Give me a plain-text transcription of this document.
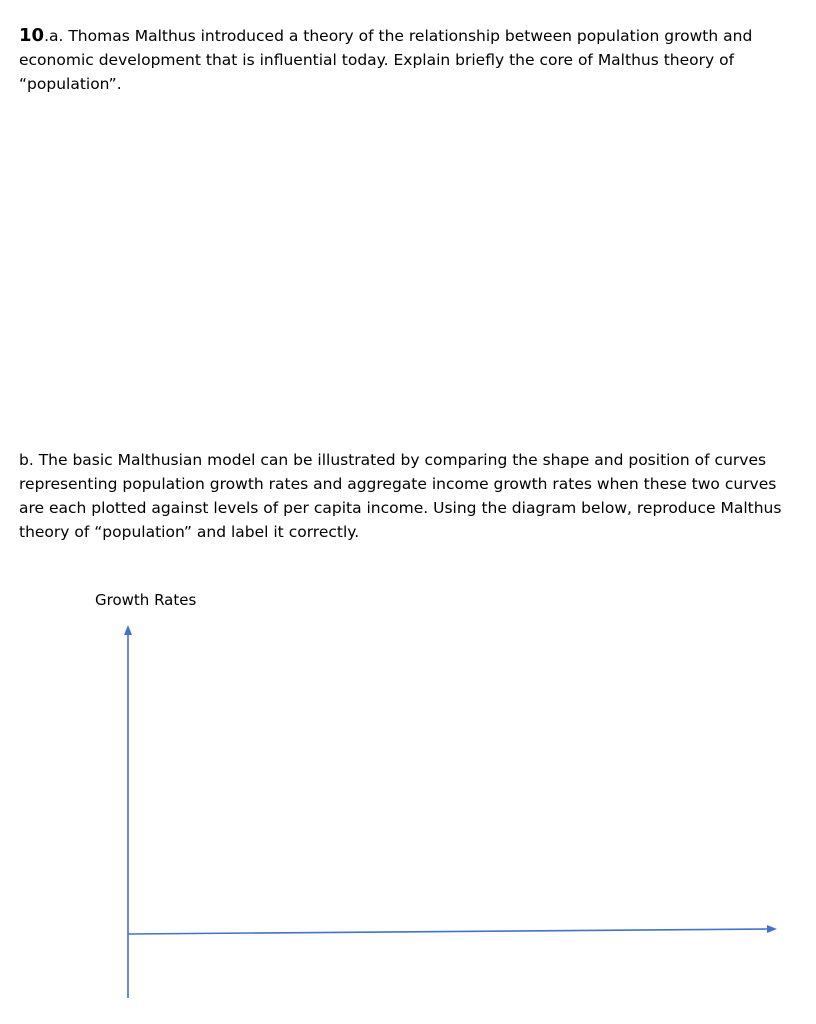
10.a. Thomas Malthus introduced a theory of the relationship between population growth and economic development that is influential today. Explain briefly the core of Malthus theory of “population”.

b. The basic Malthusian model can be illustrated by comparing the shape and position of curves representing population growth rates and aggregate income growth rates when these two curves are each plotted against levels of per capita income. Using the diagram below, reproduce Malthus theory of “population” and label it correctly.

Growth Rates
